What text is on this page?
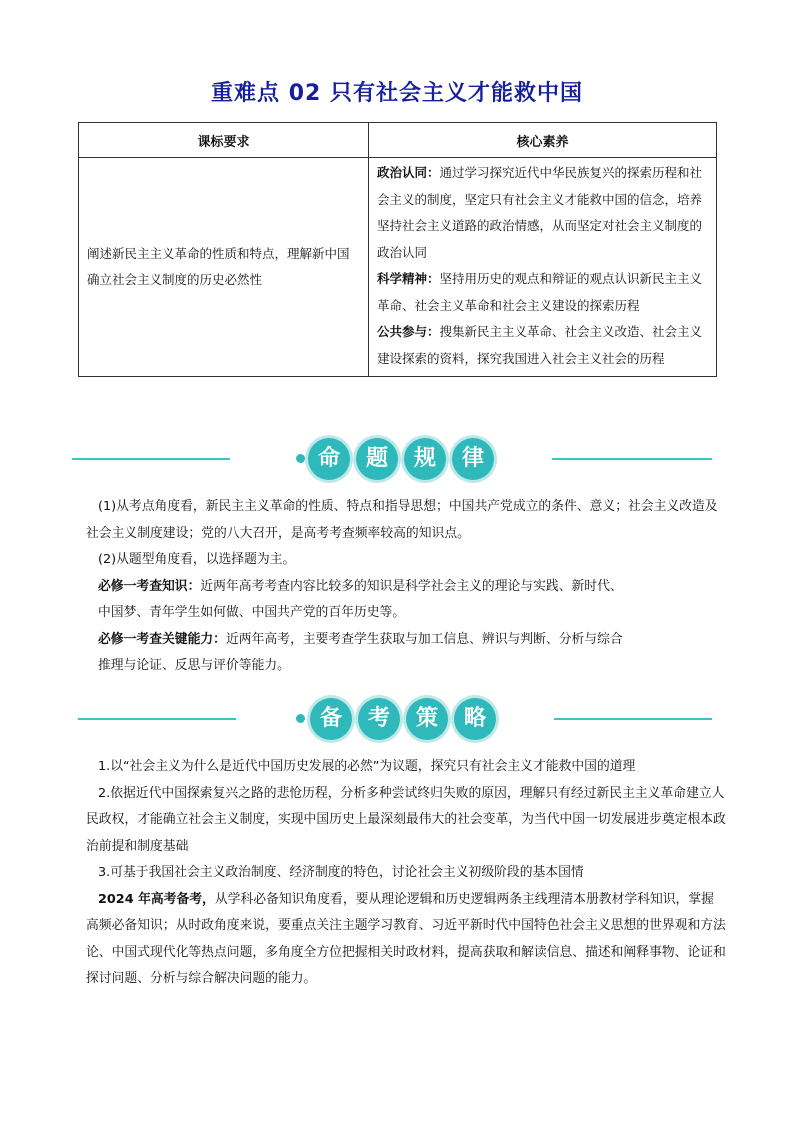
重难点 02 只有社会主义才能救中国
课标要求	核心素养
阐述新民主主义革命的性质和特点，理解新中国确立社会主义制度的历史必然性	政治认同：通过学习探究近代中华民族复兴的探索历程和社会主义的制度，坚定只有社会主义才能救中国的信念，培养坚持社会主义道路的政治情感，从而坚定对社会主义制度的政治认同
科学精神：坚持用历史的观点和辩证的观点认识新民主主义革命、社会主义革命和社会主义建设的探索历程
公共参与：搜集新民主主义革命、社会主义改造、社会主义建设探索的资料，探究我国进入社会主义社会的历程
命	题	规	律

(1)从考点角度看，新民主主义革命的性质、特点和指导思想；中国共产党成立的条件、意义；社会主义改造及社会主义制度建设；党的八大召开，是高考考查频率较高的知识点。

(2)从题型角度看，以选择题为主。

必修一考查知识：近两年高考考查内容比较多的知识是科学社会主义的理论与实践、新时代、

中国梦、青年学生如何做、中国共产党的百年历史等。

必修一考查关键能力：近两年高考，主要考查学生获取与加工信息、辨识与判断、分析与综合

推理与论证、反思与评价等能力。

备	考	策	略

1.以“社会主义为什么是近代中国历史发展的必然”为议题，探究只有社会主义才能救中国的道理

2.依据近代中国探索复兴之路的悲怆历程，分析多种尝试终归失败的原因，理解只有经过新民主主义革命建立人民政权，才能确立社会主义制度，实现中国历史上最深刻最伟大的社会变革，为当代中国一切发展进步奠定根本政治前提和制度基础

3.可基于我国社会主义政治制度、经济制度的特色，讨论社会主义初级阶段的基本国情

2024 年高考备考，从学科必备知识角度看，要从理论逻辑和历史逻辑两条主线理清本册教材学科知识，掌握高频必备知识；从时政角度来说，要重点关注主题学习教育、习近平新时代中国特色社会主义思想的世界观和方法论、中国式现代化等热点问题，多角度全方位把握相关时政材料，提高获取和解读信息、描述和阐释事物、论证和探讨问题、分析与综合解决问题的能力。
